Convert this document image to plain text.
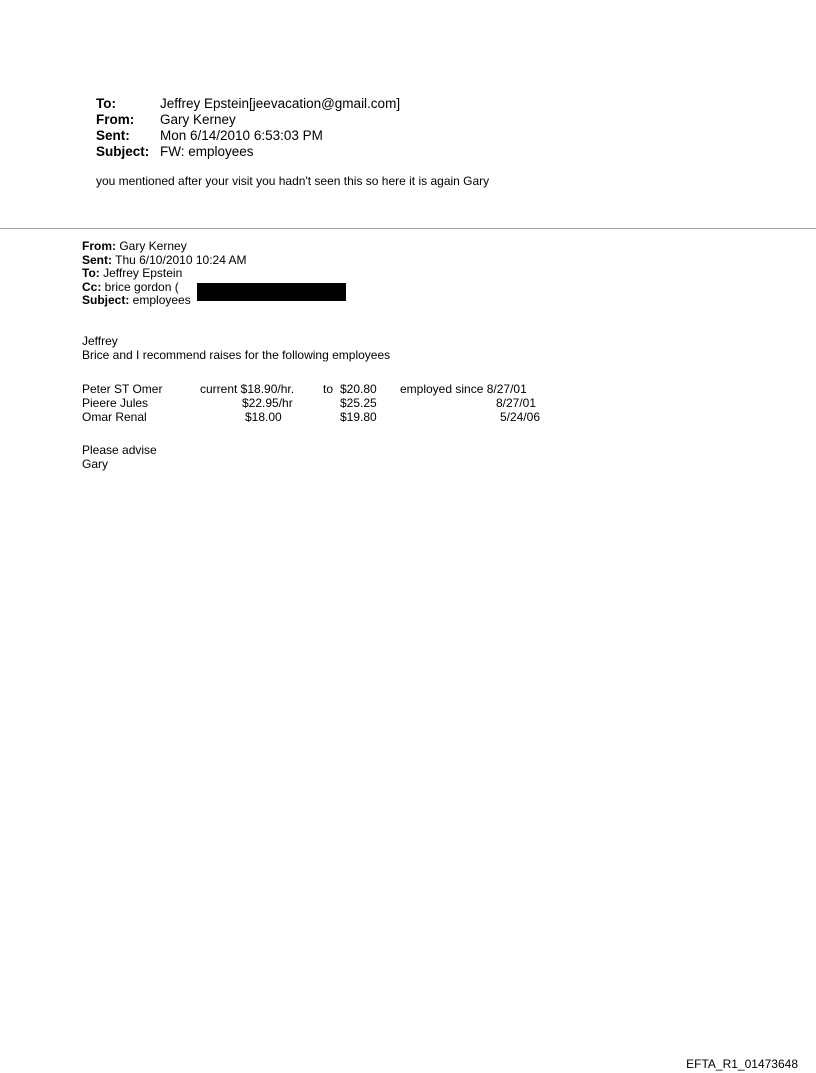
To:	Jeffrey Epstein[jeevacation@gmail.com]
From:	Gary Kerney
Sent:	Mon 6/14/2010 6:53:03 PM
Subject: FW: employees
you mentioned after your visit you hadn't seen this so here it is again Gary
From: Gary Kerney
Sent: Thu 6/10/2010 10:24 AM
To: Jeffrey Epstein
Cc: brice gordon (
Subject: employees
Jeffrey
Brice and I recommend raises for the following employees
Peter ST Omer	current $18.90/hr. to $20.80 employed since 8/27/01
Pieere Jules	$22.95/hr	$25.25	8/27/01
Omar Renal	$18.00	$19.80	5/24/06
Please advise
Gary
EFTA_R1_01473648
